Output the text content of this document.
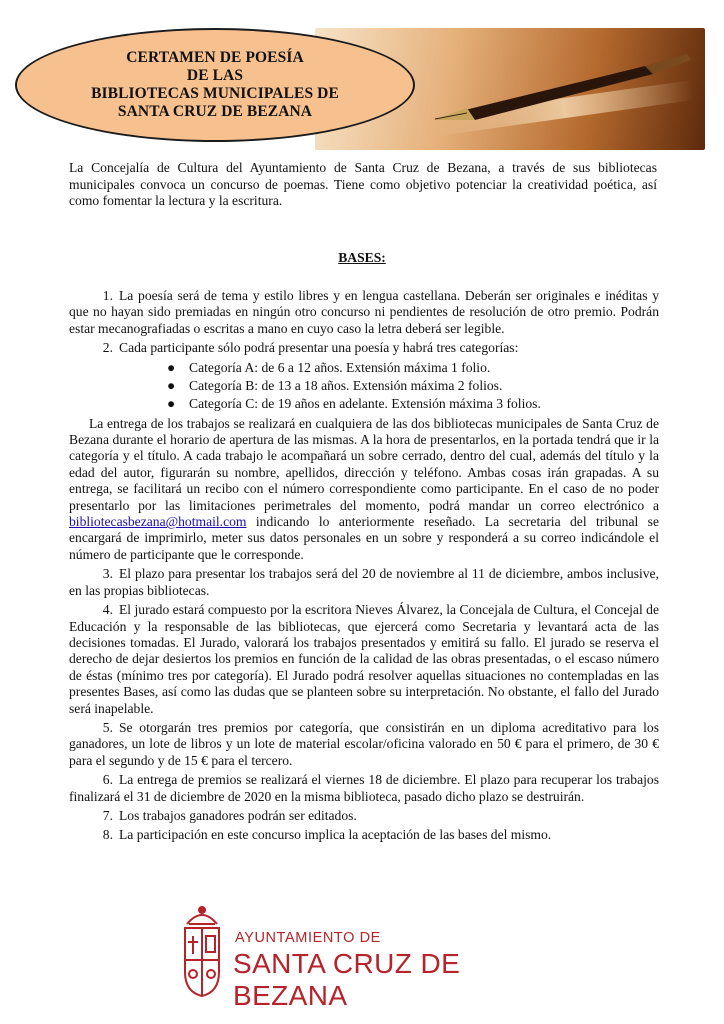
CERTAMEN DE POESÍA
DE LAS
BIBLIOTECAS MUNICIPALES DE
SANTA CRUZ DE BEZANA
La Concejalía de Cultura del Ayuntamiento de Santa Cruz de Bezana, a través de sus bibliotecas municipales convoca un concurso de poemas. Tiene como objetivo potenciar la creatividad poética, así como fomentar la lectura y la escritura.
BASES:
1. La poesía será de tema y estilo libres y en lengua castellana. Deberán ser originales e inéditas y que no hayan sido premiadas en ningún otro concurso ni pendientes de resolución de otro premio. Podrán estar mecanografiadas o escritas a mano en cuyo caso la letra deberá ser legible.
2. Cada participante sólo podrá presentar una poesía y habrá tres categorías:
● Categoría A: de 6 a 12 años. Extensión máxima 1 folio.
● Categoría B: de 13 a 18 años. Extensión máxima 2 folios.
● Categoría C: de 19 años en adelante. Extensión máxima 3 folios.
La entrega de los trabajos se realizará en cualquiera de las dos bibliotecas municipales de Santa Cruz de Bezana durante el horario de apertura de las mismas. A la hora de presentarlos, en la portada tendrá que ir la categoría y el título. A cada trabajo le acompañará un sobre cerrado, dentro del cual, además del título y la edad del autor, figurarán su nombre, apellidos, dirección y teléfono. Ambas cosas irán grapadas. A su entrega, se facilitará un recibo con el número correspondiente como participante. En el caso de no poder presentarlo por las limitaciones perimetrales del momento, podrá mandar un correo electrónico a bibliotecasbezana@hotmail.com indicando lo anteriormente reseñado. La secretaria del tribunal se encargará de imprimirlo, meter sus datos personales en un sobre y responderá a su correo indicándole el número de participante que le corresponde.
3. El plazo para presentar los trabajos será del 20 de noviembre al 11 de diciembre, ambos inclusive, en las propias bibliotecas.
4. El jurado estará compuesto por la escritora Nieves Álvarez, la Concejala de Cultura, el Concejal de Educación y la responsable de las bibliotecas, que ejercerá como Secretaria y levantará acta de las decisiones tomadas. El Jurado, valorará los trabajos presentados y emitirá su fallo. El jurado se reserva el derecho de dejar desiertos los premios en función de la calidad de las obras presentadas, o el escaso número de éstas (mínimo tres por categoría). El Jurado podrá resolver aquellas situaciones no contempladas en las presentes Bases, así como las dudas que se planteen sobre su interpretación. No obstante, el fallo del Jurado será inapelable.
5. Se otorgarán tres premios por categoría, que consistirán en un diploma acreditativo para los ganadores, un lote de libros y un lote de material escolar/oficina valorado en 50 € para el primero, de 30 € para el segundo y de 15 € para el tercero.
6. La entrega de premios se realizará el viernes 18 de diciembre. El plazo para recuperar los trabajos finalizará el 31 de diciembre de 2020 en la misma biblioteca, pasado dicho plazo se destruirán.
7. Los trabajos ganadores podrán ser editados.
8. La participación en este concurso implica la aceptación de las bases del mismo.
AYUNTAMIENTO DE
SANTA CRUZ DE BEZANA
